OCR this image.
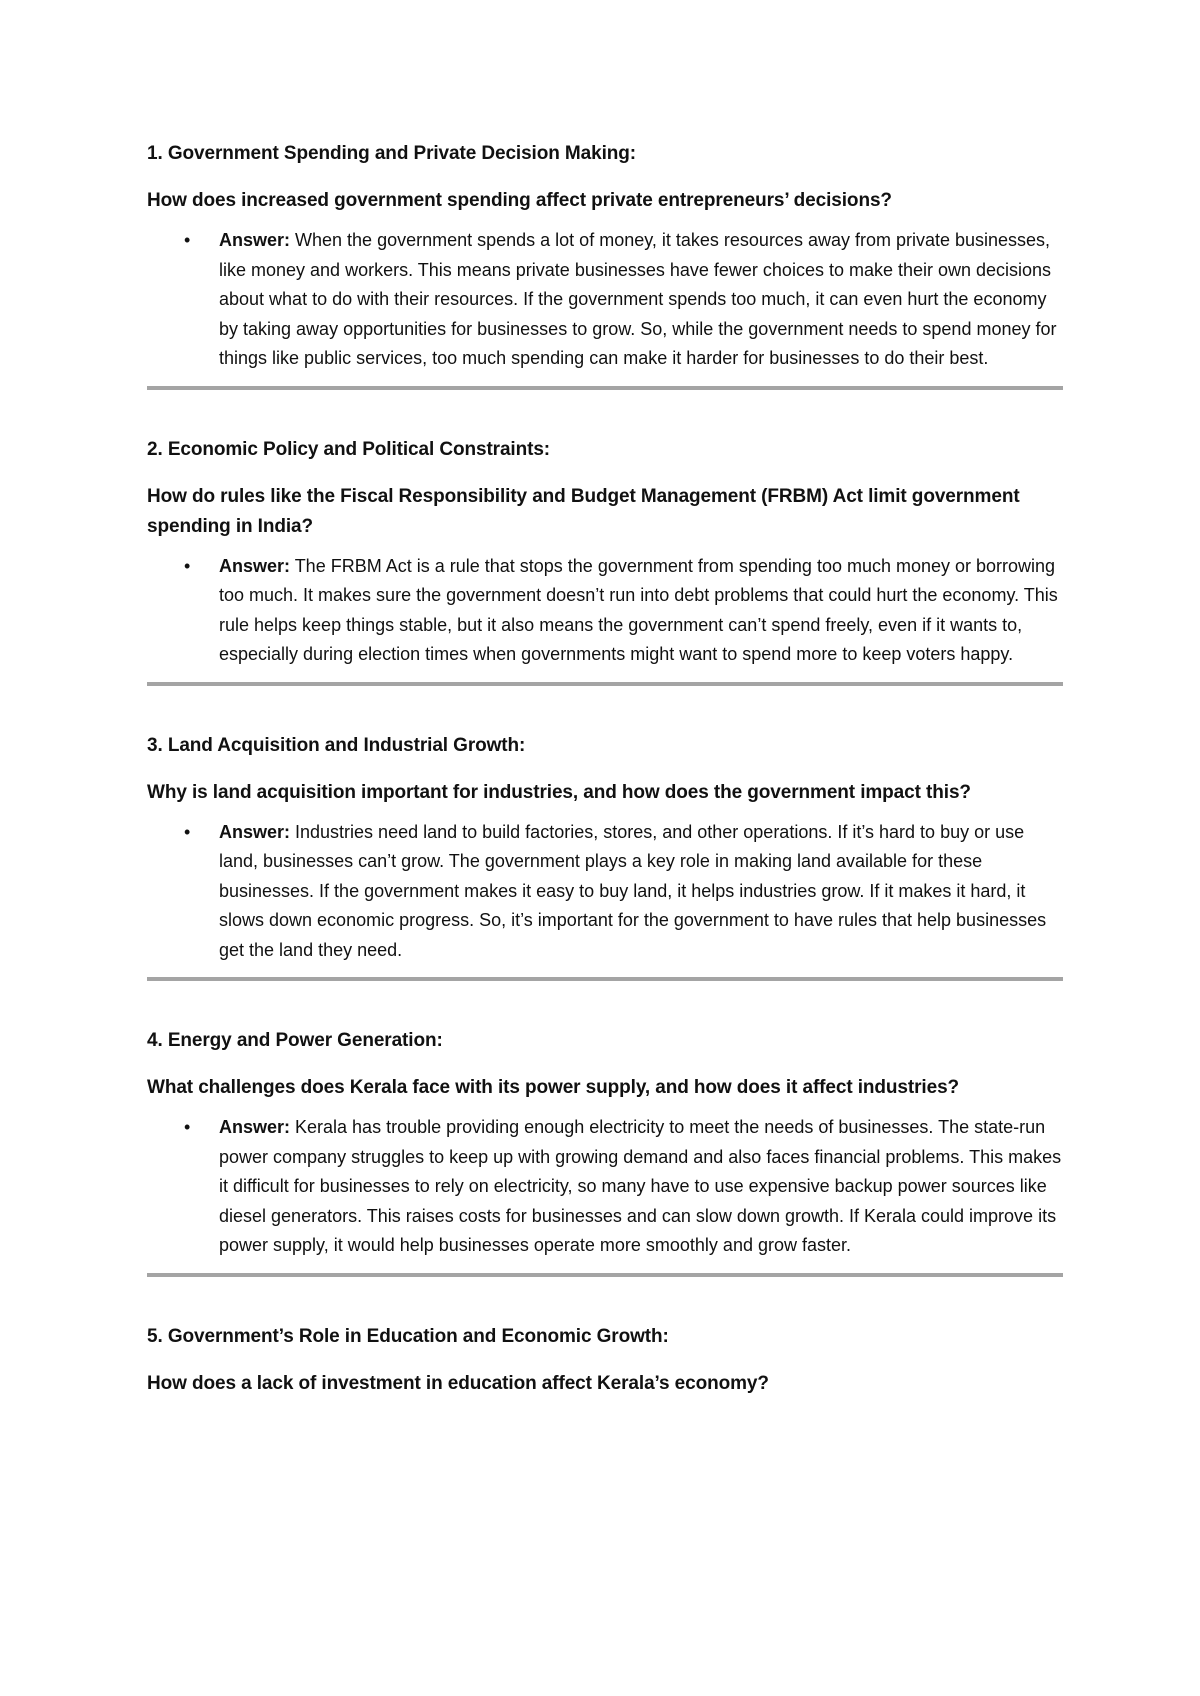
1. Government Spending and Private Decision Making:

How does increased government spending affect private entrepreneurs’ decisions?

• Answer: When the government spends a lot of money, it takes resources away from private businesses, like money and workers. This means private businesses have fewer choices to make their own decisions about what to do with their resources. If the government spends too much, it can even hurt the economy by taking away opportunities for businesses to grow. So, while the government needs to spend money for things like public services, too much spending can make it harder for businesses to do their best.

2. Economic Policy and Political Constraints:

How do rules like the Fiscal Responsibility and Budget Management (FRBM) Act limit government spending in India?

• Answer: The FRBM Act is a rule that stops the government from spending too much money or borrowing too much. It makes sure the government doesn’t run into debt problems that could hurt the economy. This rule helps keep things stable, but it also means the government can’t spend freely, even if it wants to, especially during election times when governments might want to spend more to keep voters happy.

3. Land Acquisition and Industrial Growth:

Why is land acquisition important for industries, and how does the government impact this?

• Answer: Industries need land to build factories, stores, and other operations. If it’s hard to buy or use land, businesses can’t grow. The government plays a key role in making land available for these businesses. If the government makes it easy to buy land, it helps industries grow. If it makes it hard, it slows down economic progress. So, it’s important for the government to have rules that help businesses get the land they need.

4. Energy and Power Generation:

What challenges does Kerala face with its power supply, and how does it affect industries?

• Answer: Kerala has trouble providing enough electricity to meet the needs of businesses. The state-run power company struggles to keep up with growing demand and also faces financial problems. This makes it difficult for businesses to rely on electricity, so many have to use expensive backup power sources like diesel generators. This raises costs for businesses and can slow down growth. If Kerala could improve its power supply, it would help businesses operate more smoothly and grow faster.

5. Government’s Role in Education and Economic Growth:

How does a lack of investment in education affect Kerala’s economy?
